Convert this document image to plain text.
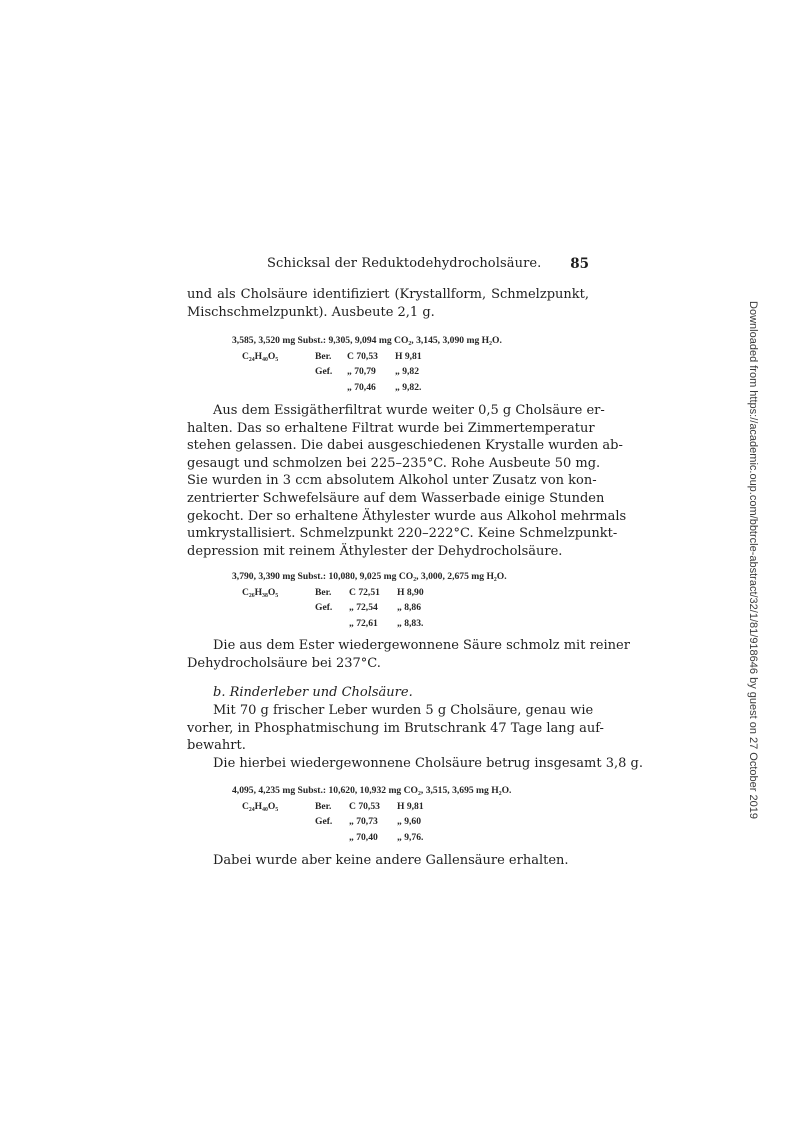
Schicksal der Reduktodehydrocholsäure. 85
und als Cholsäure identifiziert (Krystallform, Schmelzpunkt,
Mischschmelzpunkt). Ausbeute 2,1 g.
3,585, 3,520 mg Subst.: 9,305, 9,094 mg CO₂, 3,145, 3,090 mg H₂O.
C₂₄H₄₀O₅	Ber. C 70,53 H 9,81
Gef. „ 70,79 „ 9,82
„ 70,46 „ 9,82.
Aus dem Essigätherfiltrat wurde weiter 0,5 g Cholsäure er-
halten. Das so erhaltene Filtrat wurde bei Zimmertemperatur
stehen gelassen. Die dabei ausgeschiedenen Krystalle wurden ab-
gesaugt und schmolzen bei 225–235°C. Rohe Ausbeute 50 mg.
Sie wurden in 3 ccm absolutem Alkohol unter Zusatz von kon-
zentrierter Schwefelsäure auf dem Wasserbade einige Stunden
gekocht. Der so erhaltene Äthylester wurde aus Alkohol mehrmals
umkrystallisiert. Schmelzpunkt 220–222°C. Keine Schmelzpunkt-
depression mit reinem Äthylester der Dehydrocholsäure.
3,790, 3,390 mg Subst.: 10,080, 9,025 mg CO₂, 3,000, 2,675 mg H₂O.
C₂₆H₃₈O₅	Ber. C 72,51 H 8,90
Gef. „ 72,54 „ 8,86
„ 72,61 „ 8,83.
Die aus dem Ester wiedergewonnene Säure schmolz mit reiner
Dehydrocholsäure bei 237°C.
b. Rinderleber und Cholsäure.
Mit 70 g frischer Leber wurden 5 g Cholsäure, genau wie
vorher, in Phosphatmischung im Brutschrank 47 Tage lang auf-
bewahrt.
Die hierbei wiedergewonnene Cholsäure betrug insgesamt 3,8 g.
4,095, 4,235 mg Subst.: 10,620, 10,932 mg CO₂, 3,515, 3,695 mg H₂O.
C₂₄H₄₀O₅	Ber. C 70,53 H 9,81
Gef. „ 70,73 „ 9,60
„ 70,40 „ 9,76.
Dabei wurde aber keine andere Gallensäure erhalten.
Downloaded from https://academic.oup.com/bbtrcle-abstract/32/1/81/918646 by guest on 27 October 2019
